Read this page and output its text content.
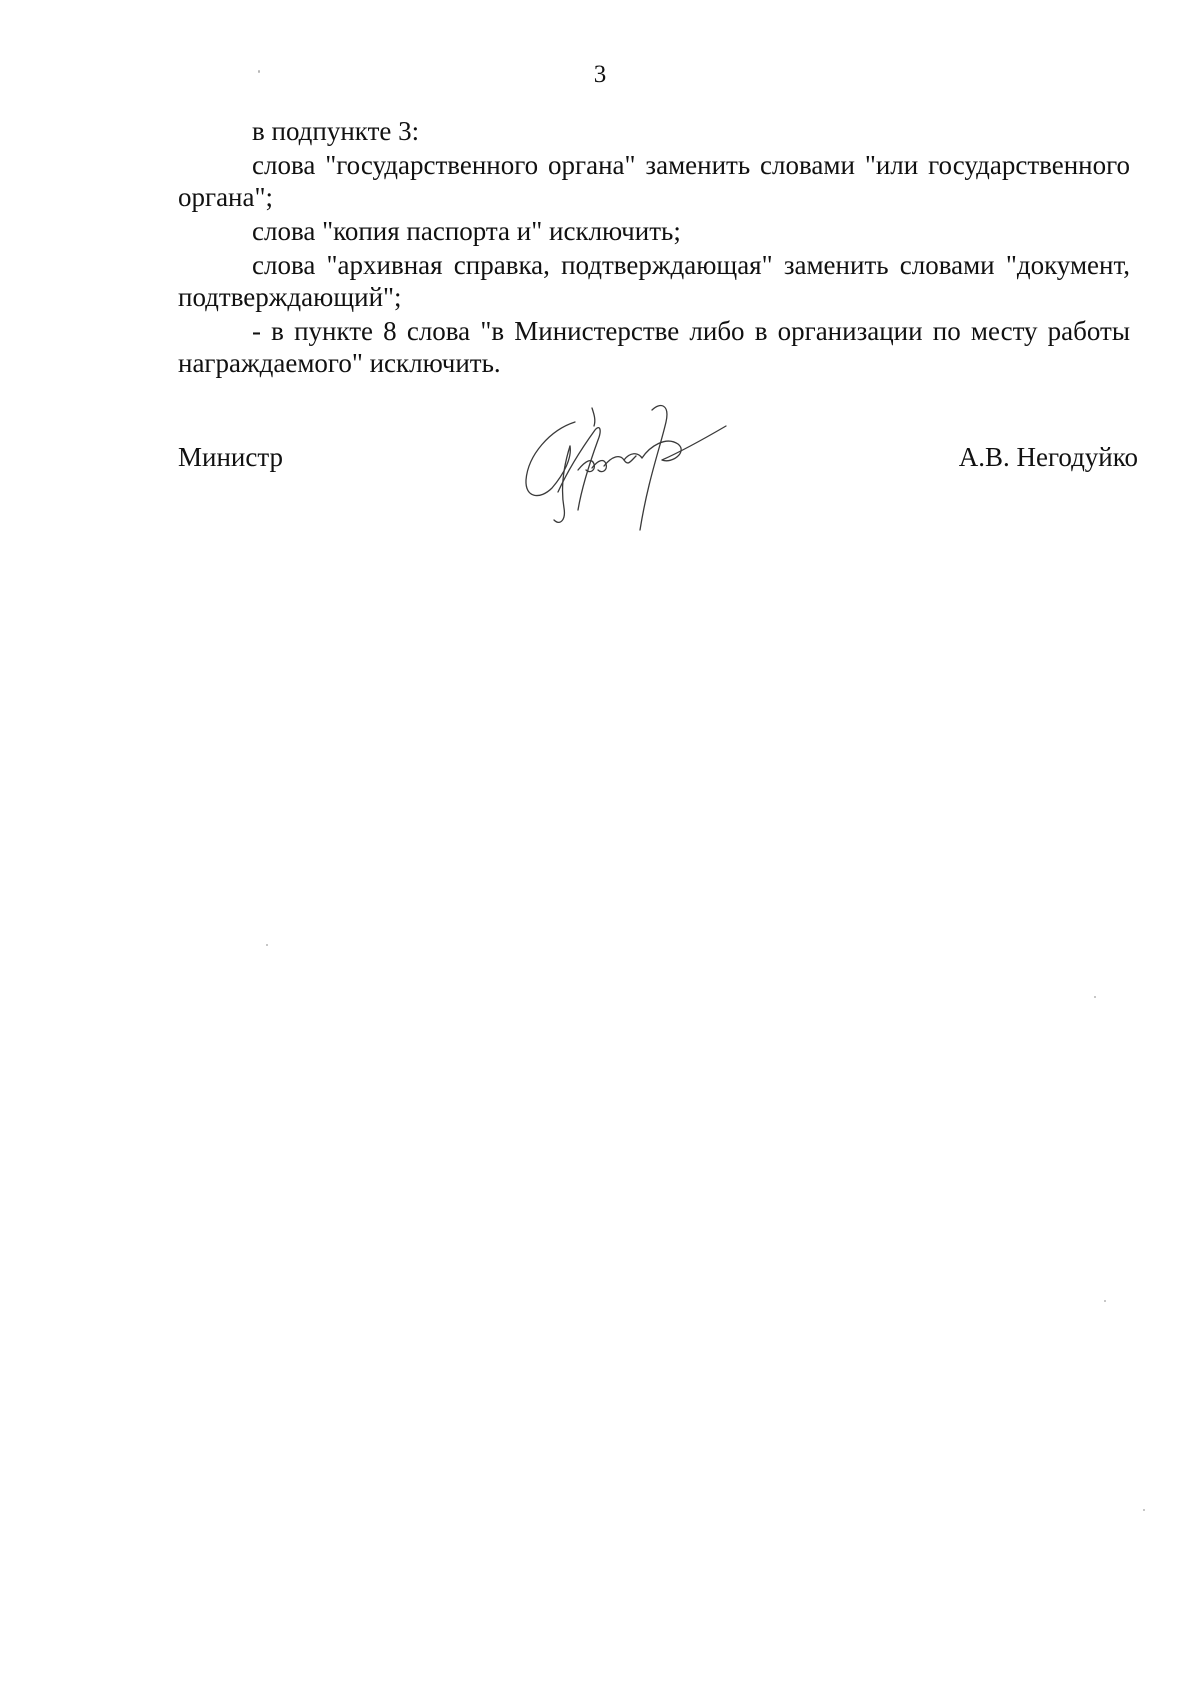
3

в подпункте 3:

слова "государственного органа" заменить словами "или государственного органа";

слова "копия паспорта и" исключить;

слова "архивная справка, подтверждающая" заменить словами "документ, подтверждающий";

- в пункте 8 слова "в Министерстве либо в организации по месту работы награждаемого" исключить.

Министр	А.В. Негодуйко
